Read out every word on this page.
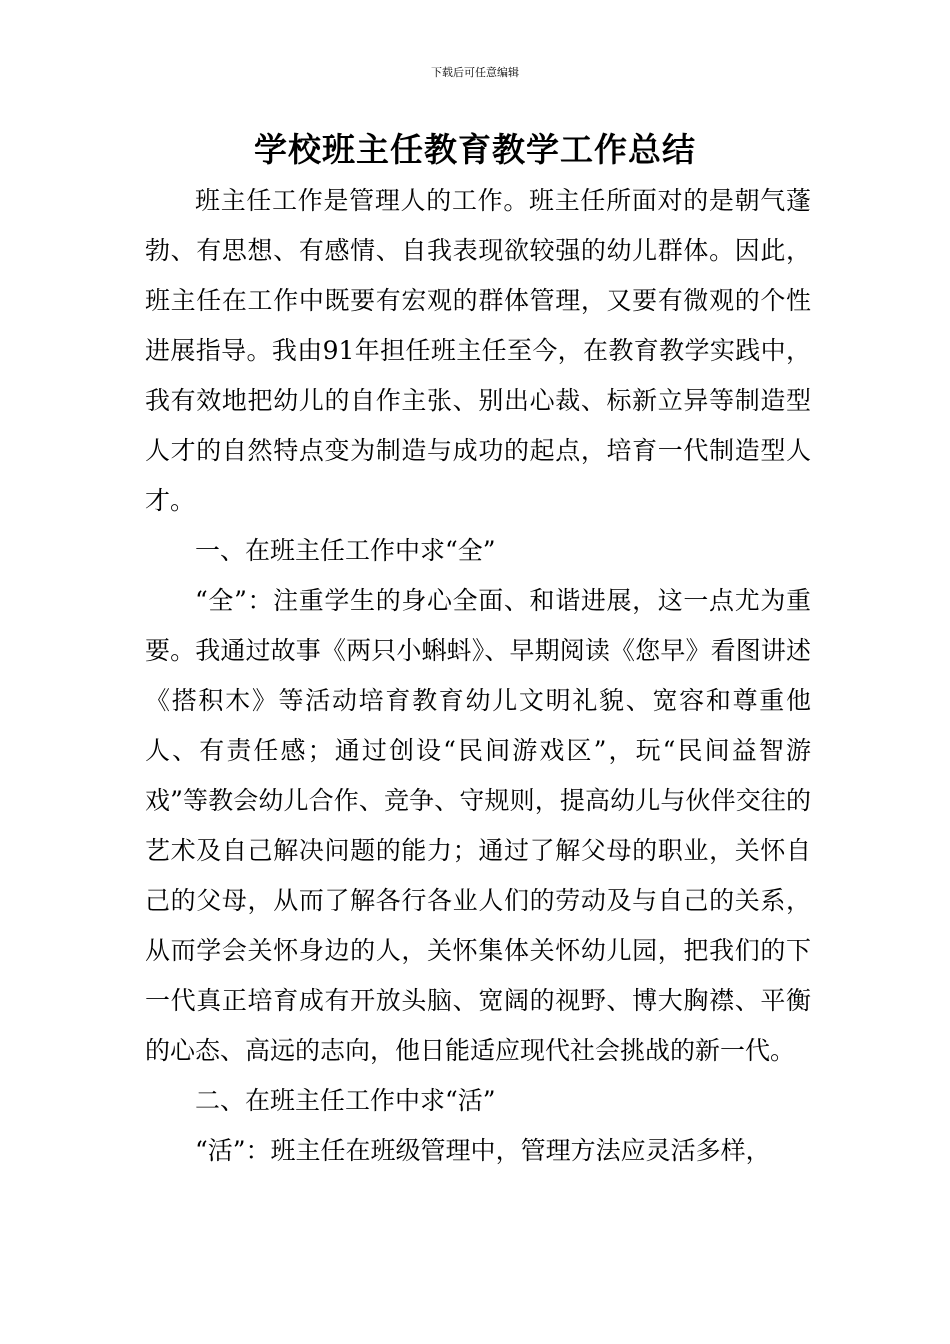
下载后可任意编辑
学校班主任教育教学工作总结

班主任工作是管理人的工作。班主任所面对的是朝气蓬勃、有思想、有感情、自我表现欲较强的幼儿群体。因此，班主任在工作中既要有宏观的群体管理，又要有微观的个性进展指导。我由91年担任班主任至今，在教育教学实践中，我有效地把幼儿的自作主张、别出心裁、标新立异等制造型人才的自然特点变为制造与成功的起点，培育一代制造型人才。

一、在班主任工作中求“全”

“全”：注重学生的身心全面、和谐进展，这一点尤为重要。我通过故事《两只小蝌蚪》、早期阅读《您早》看图讲述《搭积木》等活动培育教育幼儿文明礼貌、宽容和尊重他人、有责任感；通过创设“民间游戏区”，玩“民间益智游戏”等教会幼儿合作、竞争、守规则，提高幼儿与伙伴交往的艺术及自己解决问题的能力；通过了解父母的职业，关怀自己的父母，从而了解各行各业人们的劳动及与自己的关系，从而学会关怀身边的人，关怀集体关怀幼儿园，把我们的下一代真正培育成有开放头脑、宽阔的视野、博大胸襟、平衡的心态、高远的志向，他日能适应现代社会挑战的新一代。

二、在班主任工作中求“活”

“活”：班主任在班级管理中，管理方法应灵活多样，
